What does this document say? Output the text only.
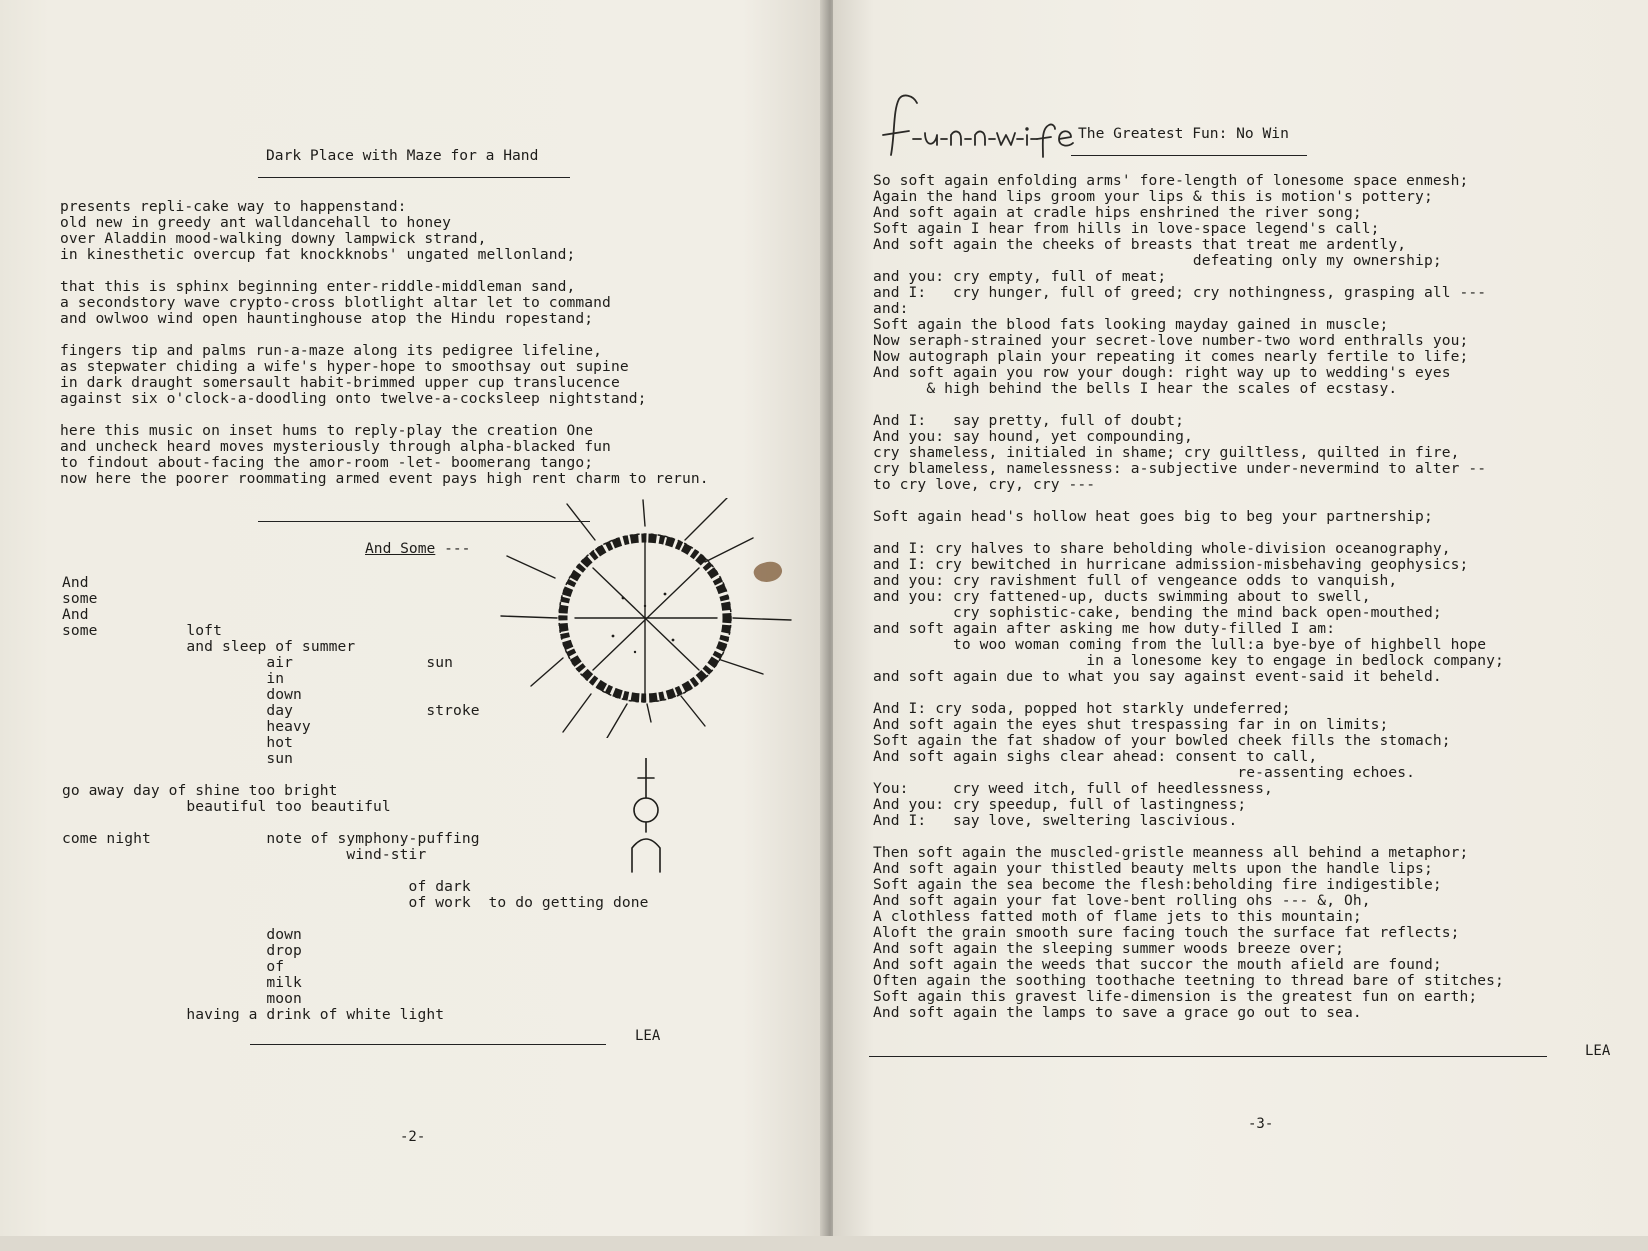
Dark Place with Maze for a Hand
presents repli-cake way to happenstand:
old new in greedy ant walldancehall to honey
over Aladdin mood-walking downy lampwick strand,
in kinesthetic overcup fat knockknobs' ungated mellonland;

that this is sphinx beginning enter-riddle-middleman sand,
a secondstory wave crypto-cross blotlight altar let to command
and owlwoo wind open hauntinghouse atop the Hindu ropestand;

fingers tip and palms run-a-maze along its pedigree lifeline,
as stepwater chiding a wife's hyper-hope to smoothsay out supine
in dark draught somersault habit-brimmed upper cup translucence
against six o'clock-a-doodling onto twelve-a-cocksleep nightstand;

here this music on inset hums to reply-play the creation One
and uncheck heard moves mysteriously through alpha-blacked fun
to findout about-facing the amor-room -let- boomerang tango;
now here the poorer roommating armed event pays high rent charm to rerun.
And Some ---
And
some
And
some          loft
and sleep of summer
air               sun
in
down
day               stroke
heavy
hot
sun

go away day of shine too bright
beautiful too beautiful

come night             note of symphony-puffing
wind-stir

of dark
of work  to do getting done

down
drop
of
milk
moon
having a drink of white light
LEA
-2-
The Greatest Fun: No Win
So soft again enfolding arms' fore-length of lonesome space enmesh;
Again the hand lips groom your lips & this is motion's pottery;
And soft again at cradle hips enshrined the river song;
Soft again I hear from hills in love-space legend's call;
And soft again the cheeks of breasts that treat me ardently,
defeating only my ownership;
and you: cry empty, full of meat;
and I:   cry hunger, full of greed; cry nothingness, grasping all ---
and:
Soft again the blood fats looking mayday gained in muscle;
Now seraph-strained your secret-love number-two word enthralls you;
Now autograph plain your repeating it comes nearly fertile to life;
And soft again you row your dough: right way up to wedding's eyes
& high behind the bells I hear the scales of ecstasy.

And I:   say pretty, full of doubt;
And you: say hound, yet compounding,
cry shameless, initialed in shame; cry guiltless, quilted in fire,
cry blameless, namelessness: a-subjective under-nevermind to alter --
to cry love, cry, cry ---

Soft again head's hollow heat goes big to beg your partnership;

and I: cry halves to share beholding whole-division oceanography,
and I: cry bewitched in hurricane admission-misbehaving geophysics;
and you: cry ravishment full of vengeance odds to vanquish,
and you: cry fattened-up, ducts swimming about to swell,
cry sophistic-cake, bending the mind back open-mouthed;
and soft again after asking me how duty-filled I am:
to woo woman coming from the lull:a bye-bye of highbell hope
in a lonesome key to engage in bedlock company;
and soft again due to what you say against event-said it beheld.

And I: cry soda, popped hot starkly undeferred;
And soft again the eyes shut trespassing far in on limits;
Soft again the fat shadow of your bowled cheek fills the stomach;
And soft again sighs clear ahead: consent to call,
re-assenting echoes.
You:     cry weed itch, full of heedlessness,
And you: cry speedup, full of lastingness;
And I:   say love, sweltering lascivious.

Then soft again the muscled-gristle meanness all behind a metaphor;
And soft again your thistled beauty melts upon the handle lips;
Soft again the sea become the flesh:beholding fire indigestible;
And soft again your fat love-bent rolling ohs --- &, Oh,
A clothless fatted moth of flame jets to this mountain;
Aloft the grain smooth sure facing touch the surface fat reflects;
And soft again the sleeping summer woods breeze over;
And soft again the weeds that succor the mouth afield are found;
Often again the soothing toothache teetning to thread bare of stitches;
Soft again this gravest life-dimension is the greatest fun on earth;
And soft again the lamps to save a grace go out to sea.
LEA
-3-
